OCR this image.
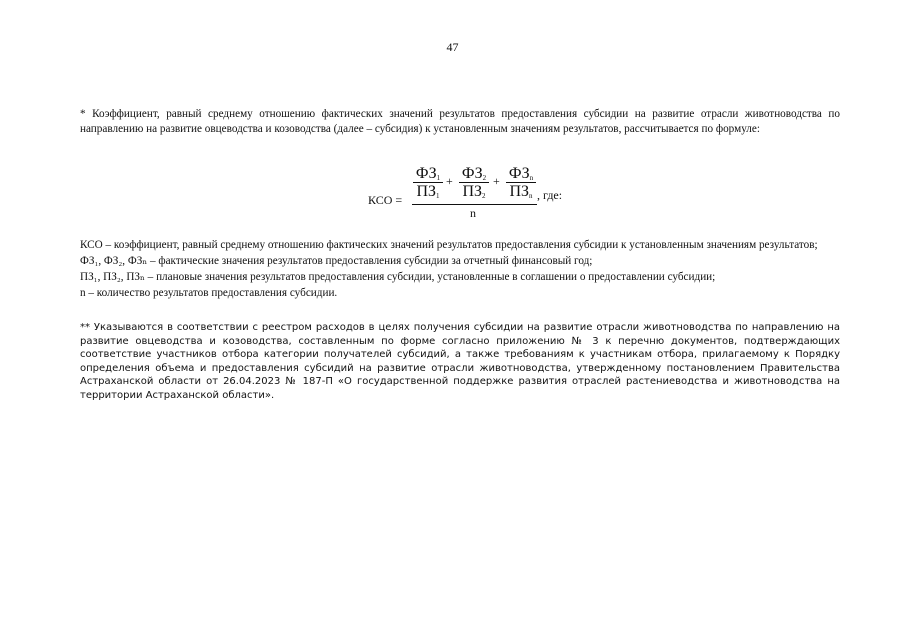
47

* Коэффициент, равный среднему отношению фактических значений результатов предоставления субсидии на развитие отрасли животноводства по направлению на развитие овцеводства и козоводства (далее – субсидия) к установленным значениям результатов, рассчитывается по формуле:

КСО =
$ФЗ_1$
$ПЗ_1$
+ $ФЗ_2$
$ПЗ_2$
+ $ФЗ_n$
$ПЗ_n$ , где:
n

КСО – коэффициент, равный среднему отношению фактических значений результатов предоставления субсидии к установленным значениям результатов;

ФЗ₁, ФЗ₂, ФЗₙ – фактические значения результатов предоставления субсидии за отчетный финансовый год;

ПЗ₁, ПЗ₂, ПЗₙ – плановые значения результатов предоставления субсидии, установленные в соглашении о предоставлении субсидии;

n – количество результатов предоставления субсидии.

** Указываются в соответствии с реестром расходов в целях получения субсидии на развитие отрасли животноводства по направлению на развитие овцеводства и козоводства, составленным по форме согласно приложению № 3 к перечню документов, подтверждающих соответствие участников отбора категории получателей субсидий, а также требованиям к участникам отбора, прилагаемому к Порядку определения объема и предоставления субсидий на развитие отрасли животноводства, утвержденному постановлением Правительства Астраханской области от 26.04.2023 № 187-П «О государственной поддержке развития отраслей растениеводства и животноводства на территории Астраханской области».
